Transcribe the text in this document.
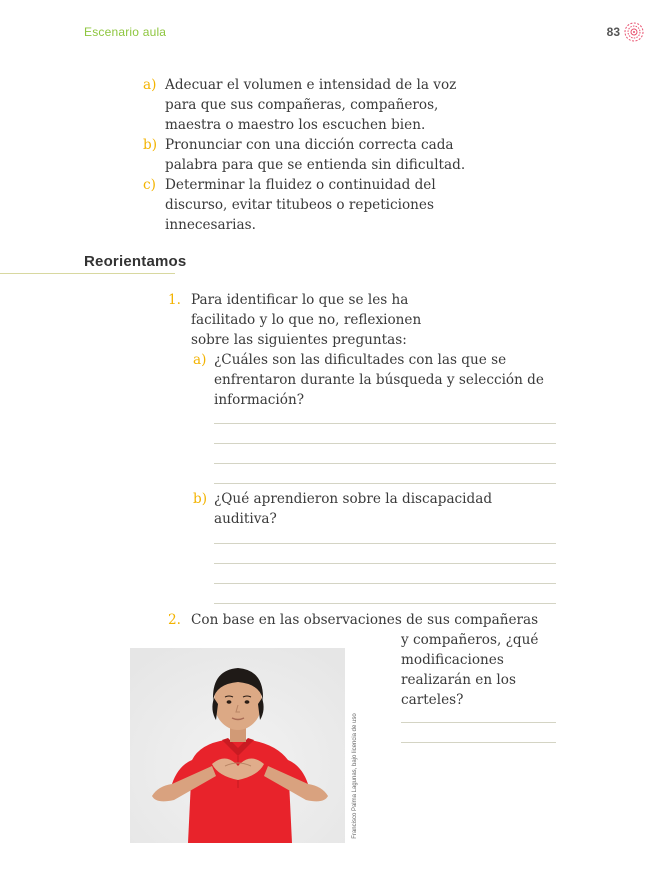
Escenario aula	83
a) Adecuar el volumen e intensidad de la voz
para que sus compañeras, compañeros,
maestra o maestro los escuchen bien.
b) Pronunciar con una dicción correcta cada
palabra para que se entienda sin dificultad.
c) Determinar la fluidez o continuidad del
discurso, evitar titubeos o repeticiones
innecesarias.
Reorientamos
1. Para identificar lo que se les ha
facilitado y lo que no, reflexionen
sobre las siguientes preguntas:
a) ¿Cuáles son las dificultades con las que se
enfrentaron durante la búsqueda y selección de
información?
b) ¿Qué aprendieron sobre la discapacidad
auditiva?
2. Con base en las observaciones de sus compañeras
y compañeros, ¿qué
modificaciones
realizarán en los
carteles?
Francisco Palma Lagunas, bajo licencia de uso
